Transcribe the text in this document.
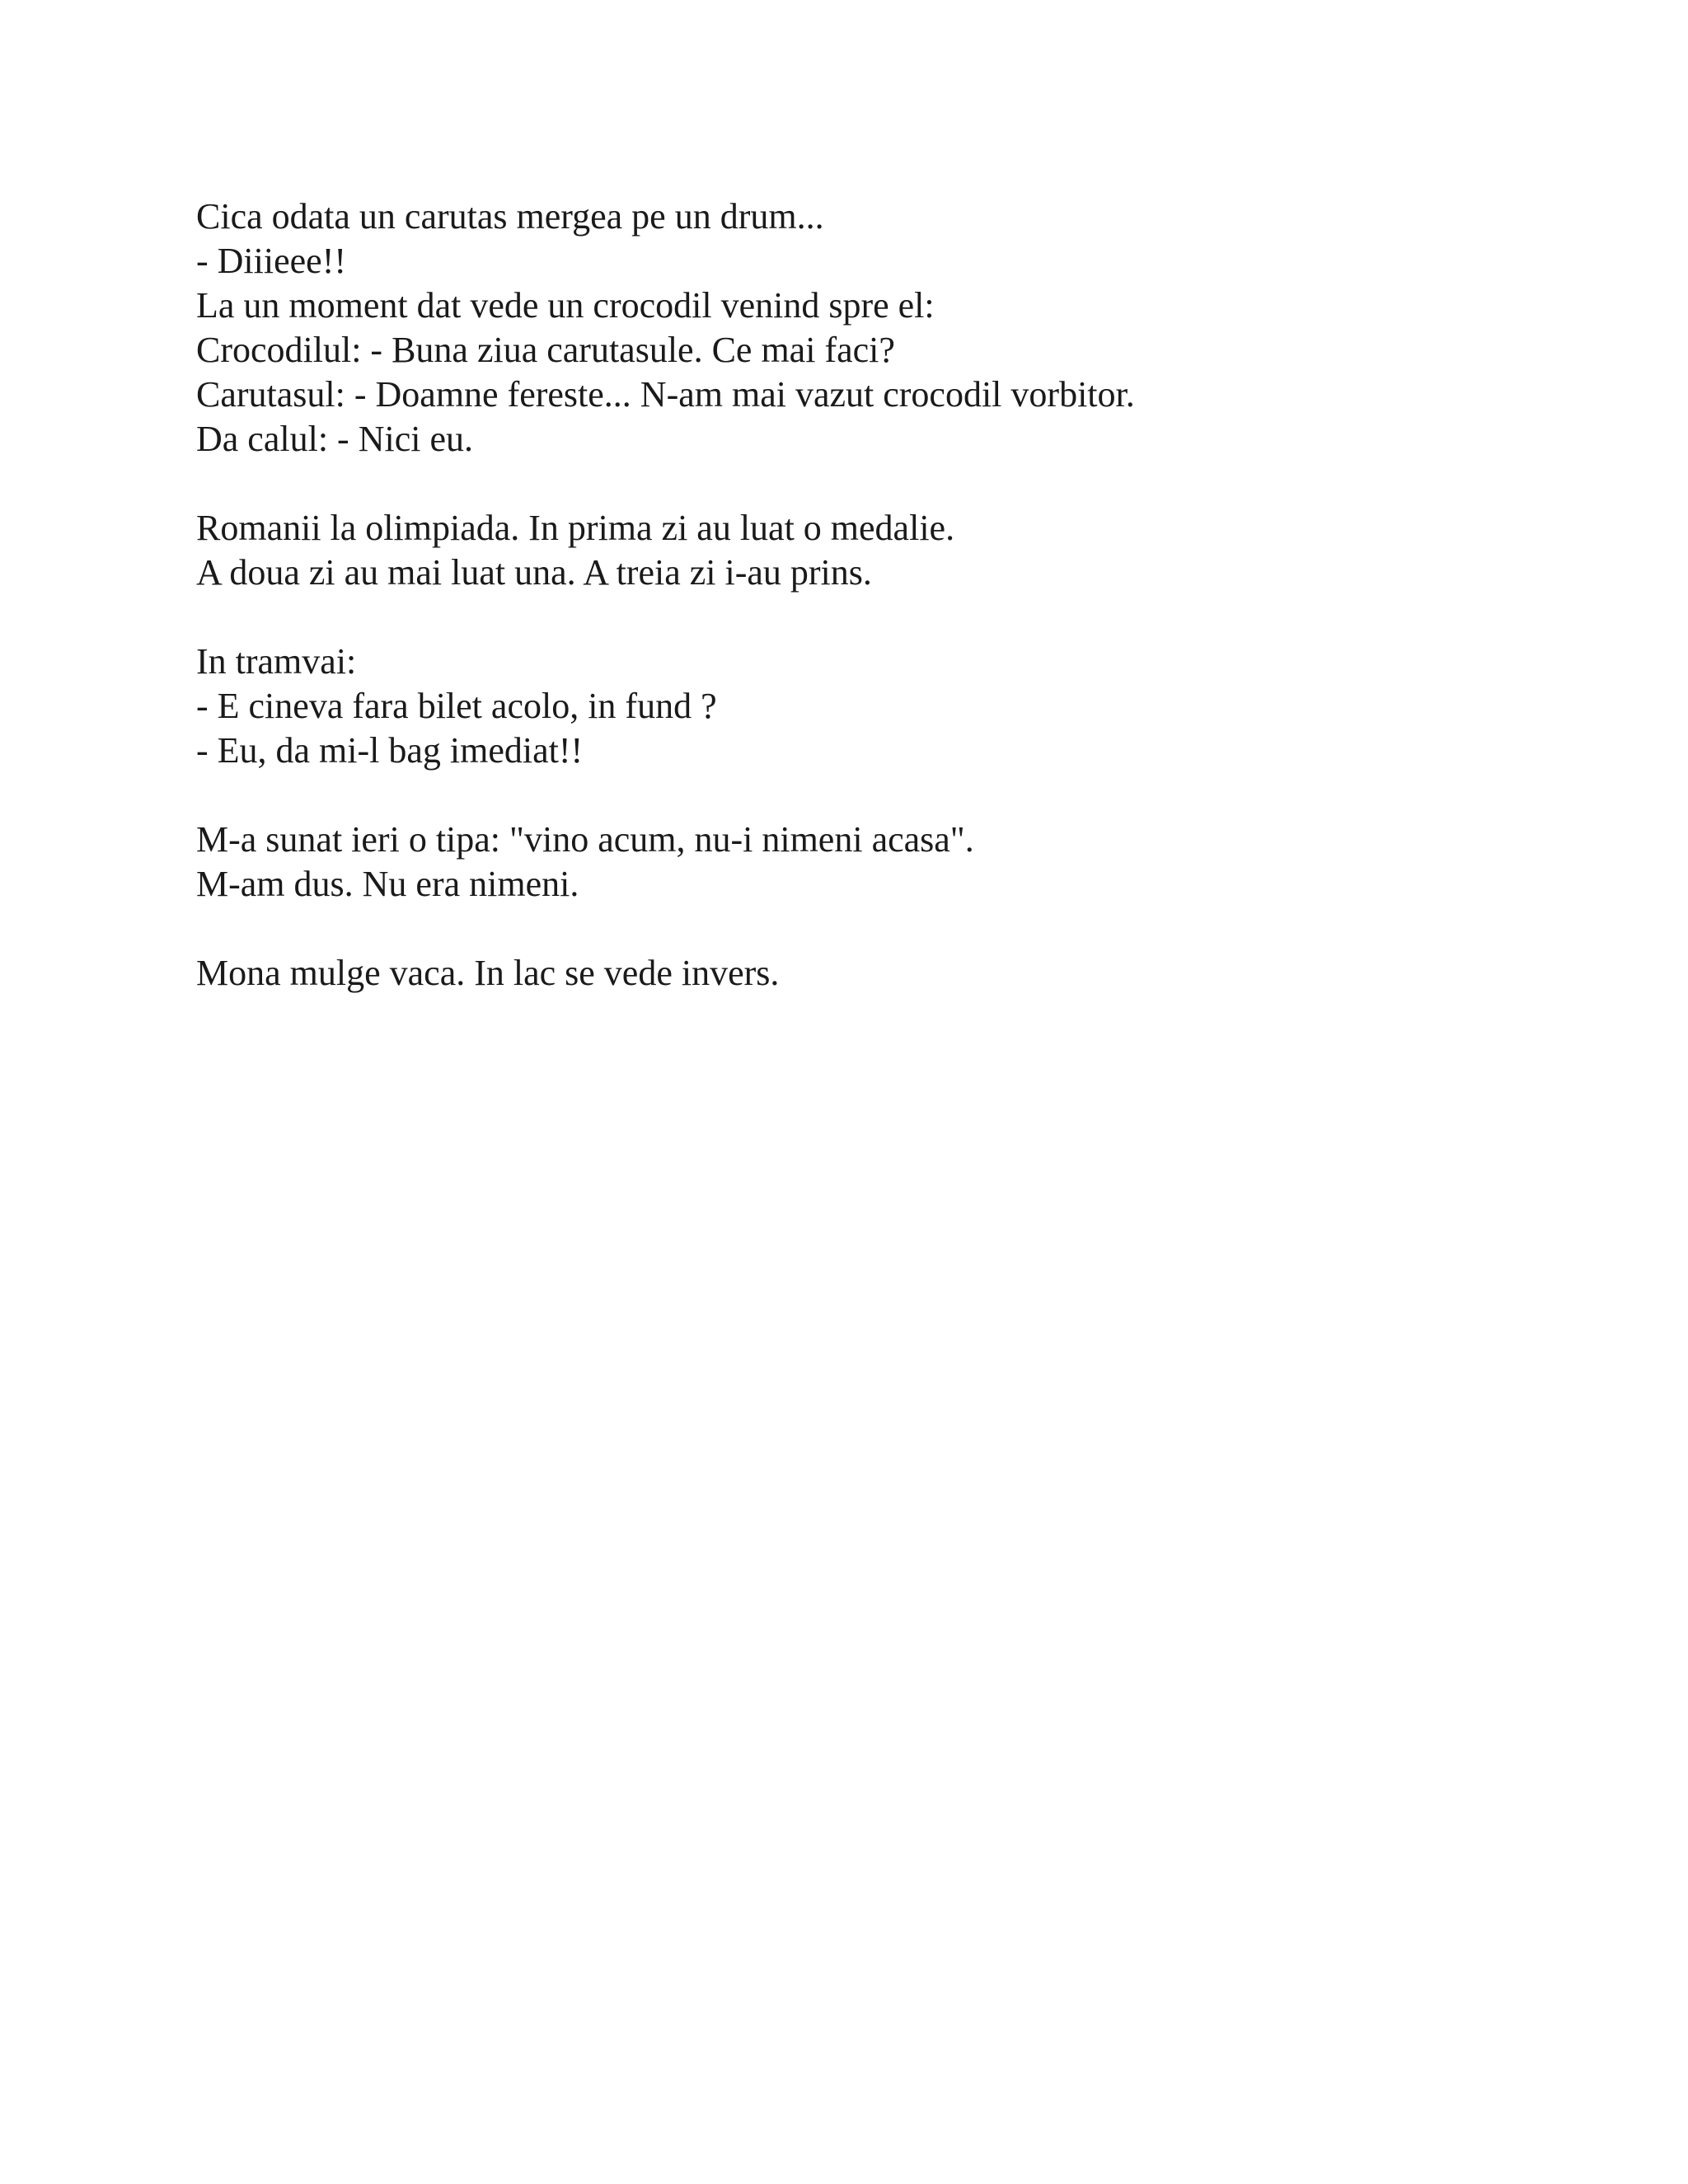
Cica odata un carutas mergea pe un drum...
- Diiieee!!
La un moment dat vede un crocodil venind spre el:
Crocodilul: - Buna ziua carutasule. Ce mai faci?
Carutasul: - Doamne fereste... N-am mai vazut crocodil vorbitor.
Da calul: - Nici eu.
Romanii la olimpiada. In prima zi au luat o medalie.
A doua zi au mai luat una. A treia zi i-au prins.
In tramvai:
- E cineva fara bilet acolo, in fund ?
- Eu, da mi-l bag imediat!!
M-a sunat ieri o tipa: "vino acum, nu-i nimeni acasa".
M-am dus. Nu era nimeni.
Mona mulge vaca. In lac se vede invers.
